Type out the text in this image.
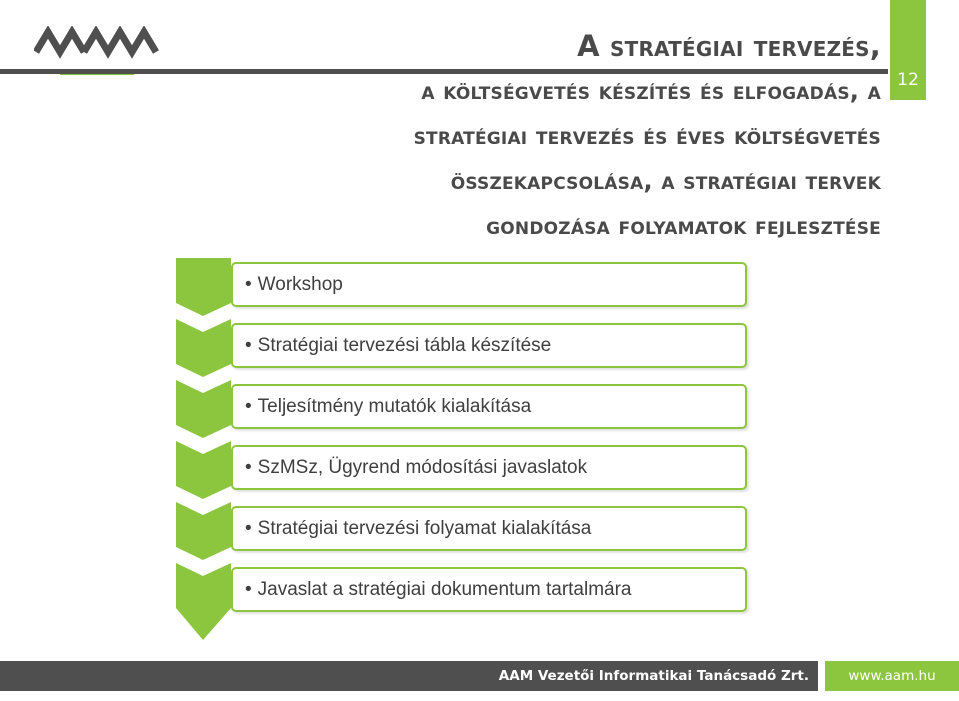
12
A stratégiai tervezés,
a költségvetés készítés és elfogadás, a
stratégiai tervezés és éves költségvetés
összekapcsolása, a stratégiai tervek
gondozása folyamatok fejlesztése
• Workshop
• Stratégiai tervezési tábla készítése
• Teljesítmény mutatók kialakítása
• SzMSz, Ügyrend módosítási javaslatok
• Stratégiai tervezési folyamat kialakítása
• Javaslat a stratégiai dokumentum tartalmára
AAM Vezetői Informatikai Tanácsadó Zrt.	www.aam.hu
